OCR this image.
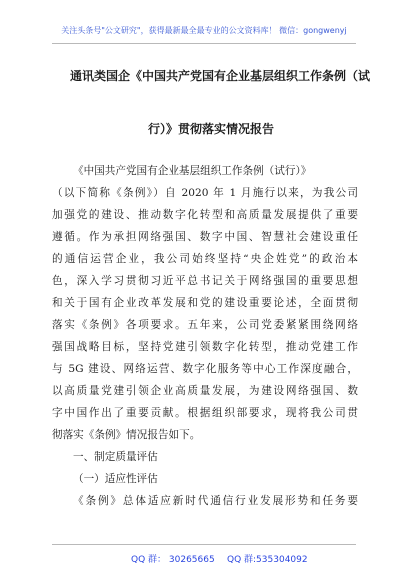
关注头条号"公文研究"，获得最新最全最专业的公文资料库！ 微信：gongwenyj
通讯类国企《中国共产党国有企业基层组织工作条例（试
行）》贯彻落实情况报告

《中国共产党国有企业基层组织工作条例（试行）》
（以下简称《条例》）自 2020 年 1 月施行以来，为我公司
加强党的建设、推动数字化转型和高质量发展提供了重要
遵循。作为承担网络强国、数字中国、智慧社会建设重任
的通信运营企业，我公司始终坚持“央企姓党”的政治本
色，深入学习贯彻习近平总书记关于网络强国的重要思想
和关于国有企业改革发展和党的建设重要论述，全面贯彻
落实《条例》各项要求。五年来，公司党委紧紧围绕网络
强国战略目标，坚持党建引领数字化转型，推动党建工作
与 5G 建设、网络运营、数字化服务等中心工作深度融合，
以高质量党建引领企业高质量发展，为建设网络强国、数
字中国作出了重要贡献。根据组织部要求，现将我公司贯
彻落实《条例》情况报告如下。

一、制定质量评估

（一）适应性评估

《条例》总体适应新时代通信行业发展形势和任务要

QQ 群： 30265665 QQ 群:535304092
